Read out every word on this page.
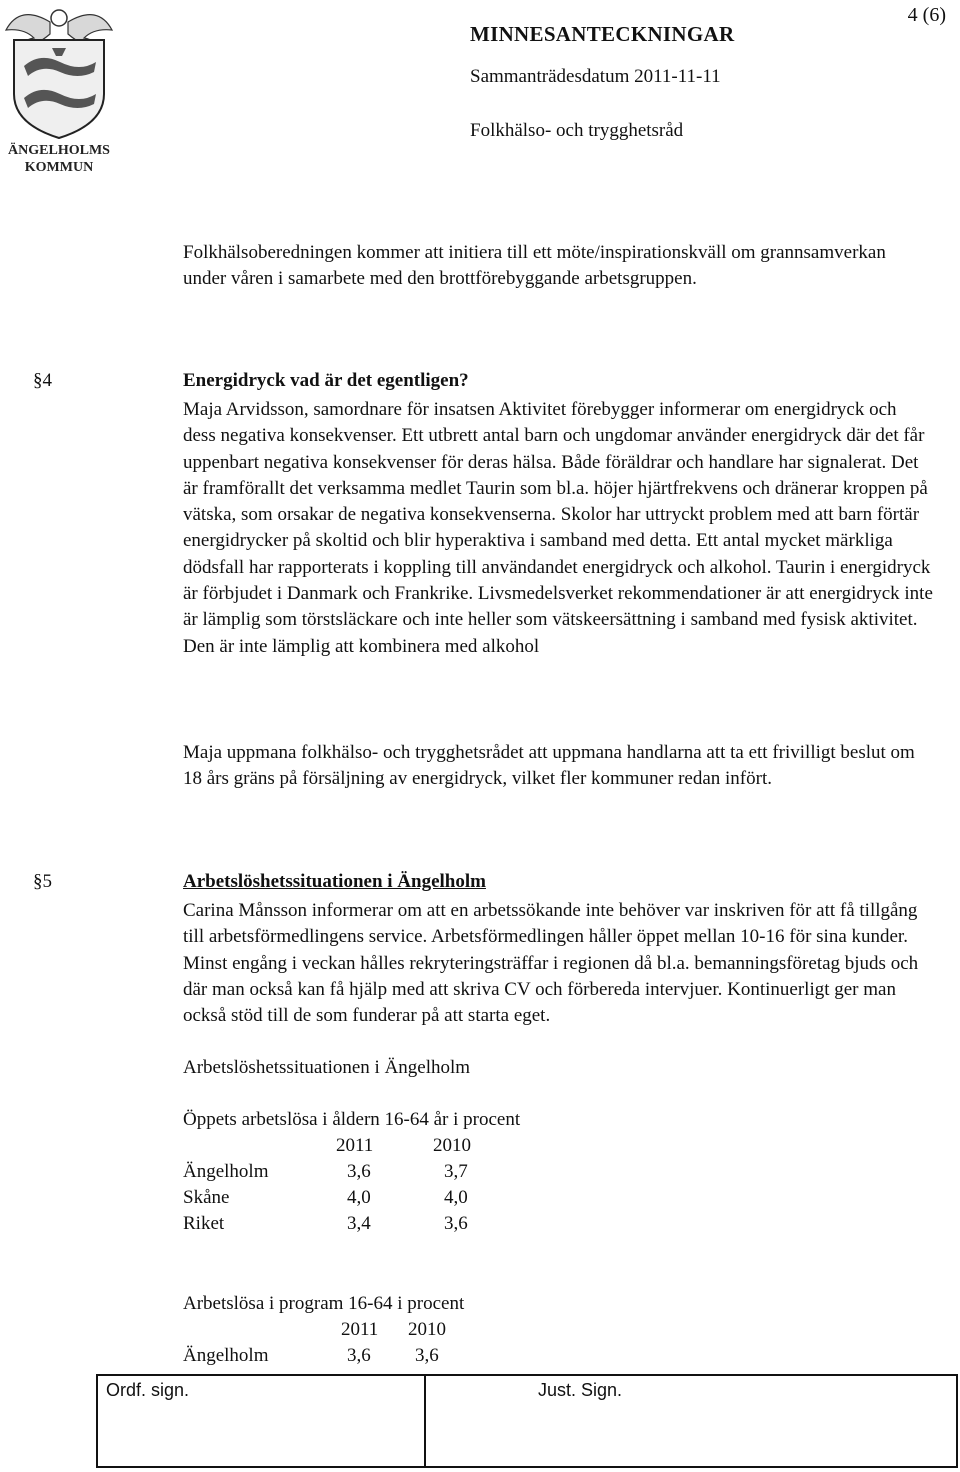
ÄNGELHOLMS
KOMMUN
4 (6)
MINNESANTECKNINGAR
Sammanträdesdatum 2011-11-11
Folkhälso- och trygghetsråd

Folkhälsoberedningen kommer att initiera till ett möte/inspirationskväll om grannsamverkan under våren i samarbete med den brottförebyggande arbetsgruppen.

§4	Energidryck vad är det egentligen?

Maja Arvidsson, samordnare för insatsen Aktivitet förebygger informerar om energidryck och dess negativa konsekvenser. Ett utbrett antal barn och ungdomar använder energidryck där det får uppenbart negativa konsekvenser för deras hälsa. Både föräldrar och handlare har signalerat. Det är framförallt det verksamma medlet Taurin som bl.a. höjer hjärtfrekvens och dränerar kroppen på vätska, som orsakar de negativa konsekvenserna. Skolor har uttryckt problem med att barn förtär energidrycker på skoltid och blir hyperaktiva i samband med detta. Ett antal mycket märkliga dödsfall har rapporterats i koppling till användandet energidryck och alkohol. Taurin i energidryck är förbjudet i Danmark och Frankrike. Livsmedelsverket rekommendationer är att energidryck inte är lämplig som törstsläckare och inte heller som vätskeersättning i samband med fysisk aktivitet. Den är inte lämplig att kombinera med alkohol

Maja uppmana folkhälso- och trygghetsrådet att uppmana handlarna att ta ett frivilligt beslut om 18 års gräns på försäljning av energidryck, vilket fler kommuner redan infört.

§5	Arbetslöshetssituationen i Ängelholm

Carina Månsson informerar om att en arbetssökande inte behöver var inskriven för att få tillgång till arbetsförmedlingens service. Arbetsförmedlingen håller öppet mellan 10-16 för sina kunder. Minst engång i veckan hålles rekryteringsträffar i regionen då bl.a. bemanningsföretag bjuds och där man också kan få hjälp med att skriva CV och förbereda intervjuer. Kontinuerligt ger man också stöd till de som funderar på att starta eget.

Arbetslöshetssituationen i Ängelholm
Öppets arbetslösa i åldern 16-64 år i procent
2011	2010
Ängelholm	3,6	3,7
Skåne	4,0	4,0
Riket	3,4	3,6
Arbetslösa i program 16-64 i procent
2011 2010
Ängelholm	3,6 3,6
Ordf. sign.	Just. Sign.
